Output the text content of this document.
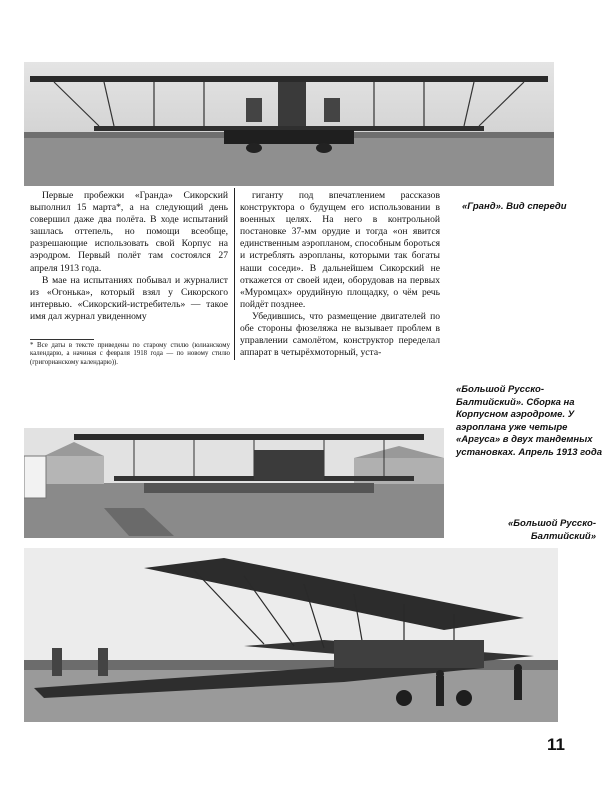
«Гранд». Вид спереди

Первые пробежки «Гранда» Сикорский выполнил 15 марта*, а на следующий день совершил даже два полёта. В ходе испытаний зашлась оттепель, но помощи всеобще, разрешающие использовать свой Корпус на аэродром. Первый полёт там состоялся 27 апреля 1913 года.

В мае на испытаниях побывал и журналист из «Огонька», который взял у Сикорского интервью. «Сикорский-истребитель» — такое имя дал журнал увиденному

гиганту под впечатлением рассказов конструктора о будущем его использовании в военных целях. На него в контрольной постановке 37-мм орудие и тогда «он явится единственным аэропланом, способным бороться и истреблять аэропланы, которыми так богаты наши соседи». В дальнейшем Сикорский не откажется от своей идеи, оборудовав на первых «Муромцах» орудийную площадку, о чём речь пойдёт позднее.

Убедившись, что размещение двигателей по обе стороны фюзеляжа не вызывает проблем в управлении самолётом, конструктор переделал аппарат в четырёхмоторный, уста-

* Все даты в тексте приведены по старому стилю (юлианскому календарю, а начиная с февраля 1918 года — по новому стилю (григорианскому календарю)).
«Большой Русско-Балтийский». Сборка на Корпусном аэродроме. У аэроплана уже четыре «Аргуса» в двух тандемных установках. Апрель 1913 года
«Большой Русско-Балтийский»
11
